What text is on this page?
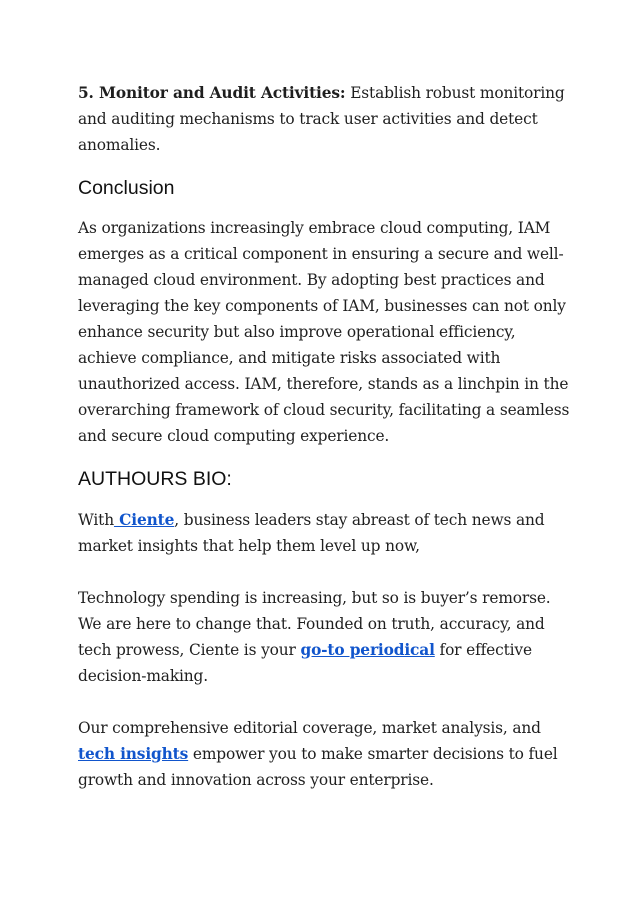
5. Monitor and Audit Activities: Establish robust monitoring and auditing mechanisms to track user activities and detect anomalies.

Conclusion

As organizations increasingly embrace cloud computing, IAM emerges as a critical component in ensuring a secure and well-managed cloud environment. By adopting best practices and leveraging the key components of IAM, businesses can not only enhance security but also improve operational efficiency, achieve compliance, and mitigate risks associated with unauthorized access. IAM, therefore, stands as a linchpin in the overarching framework of cloud security, facilitating a seamless and secure cloud computing experience.

AUTHOURS BIO:

With Ciente, business leaders stay abreast of tech news and market insights that help them level up now,

Technology spending is increasing, but so is buyer’s remorse. We are here to change that. Founded on truth, accuracy, and tech prowess, Ciente is your go-to periodical for effective decision-making.

Our comprehensive editorial coverage, market analysis, and tech insights empower you to make smarter decisions to fuel growth and innovation across your enterprise.
